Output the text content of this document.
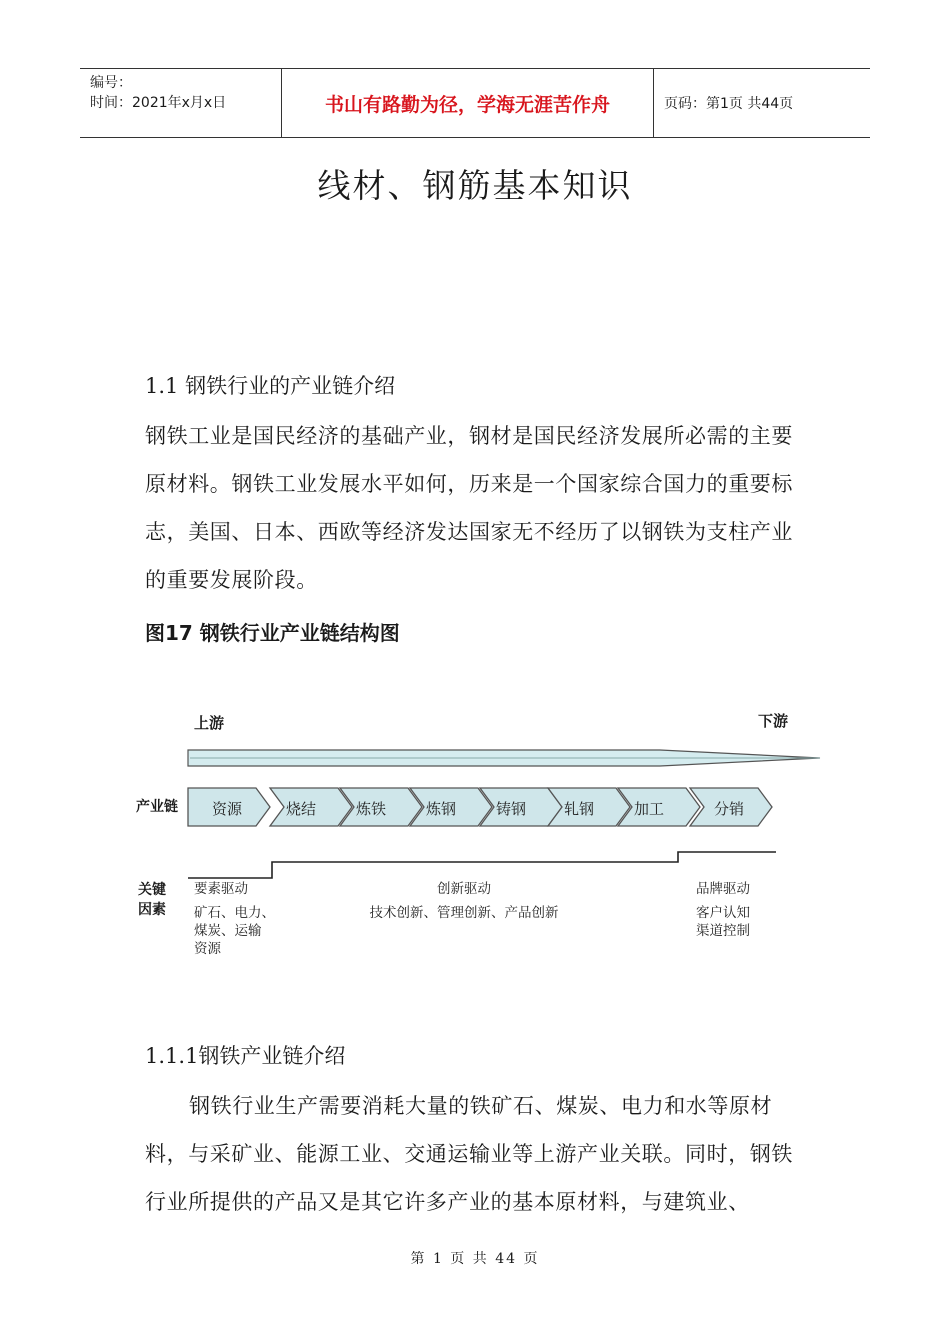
编号：
时间：2021年x月x日	书山有路勤为径，学海无涯苦作舟	页码：第1页 共44页
线材、钢筋基本知识
1.1 钢铁行业的产业链介绍
钢铁工业是国民经济的基础产业，钢材是国民经济发展所必需的主要原材料。钢铁工业发展水平如何，历来是一个国家综合国力的重要标志，美国、日本、西欧等经济发达国家无不经历了以钢铁为支柱产业的重要发展阶段。
图17 钢铁行业产业链结构图
上游	下游
产业链	资源	烧结	炼铁	炼钢	铸钢	轧钢	加工	分销
关键
因素
要素驱动
矿石、电力、
煤炭、运输
资源
创新驱动
技术创新、管理创新、产品创新
品牌驱动
客户认知
渠道控制
1.1.1钢铁产业链介绍
钢铁行业生产需要消耗大量的铁矿石、煤炭、电力和水等原材料，与采矿业、能源工业、交通运输业等上游产业关联。同时，钢铁行业所提供的产品又是其它许多产业的基本原材料，与建筑业、
第 1 页 共 44 页
